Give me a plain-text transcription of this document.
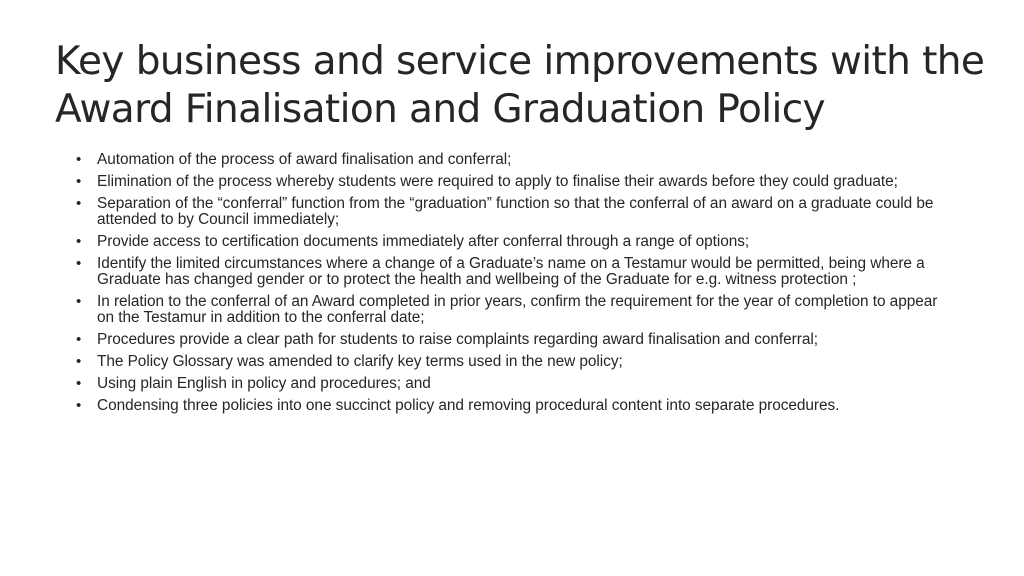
Key business and service improvements with the Award Finalisation and Graduation Policy
• Automation of the process of award finalisation and conferral;
• Elimination of the process whereby students were required to apply to finalise their awards before they could graduate;
• Separation of the “conferral” function from the “graduation” function so that the conferral of an award on a graduate could be attended to by Council immediately;
• Provide access to certification documents immediately after conferral through a range of options;
• Identify the limited circumstances where a change of a Graduate’s name on a Testamur would be permitted, being where a Graduate has changed gender or to protect the health and wellbeing of the Graduate for e.g. witness protection ;
• In relation to the conferral of an Award completed in prior years, confirm the requirement for the year of completion to appear on the Testamur in addition to the conferral date;
• Procedures provide a clear path for students to raise complaints regarding award finalisation and conferral;
• The Policy Glossary was amended to clarify key terms used in the new policy;
• Using plain English in policy and procedures; and
• Condensing three policies into one succinct policy and removing procedural content into separate procedures.
